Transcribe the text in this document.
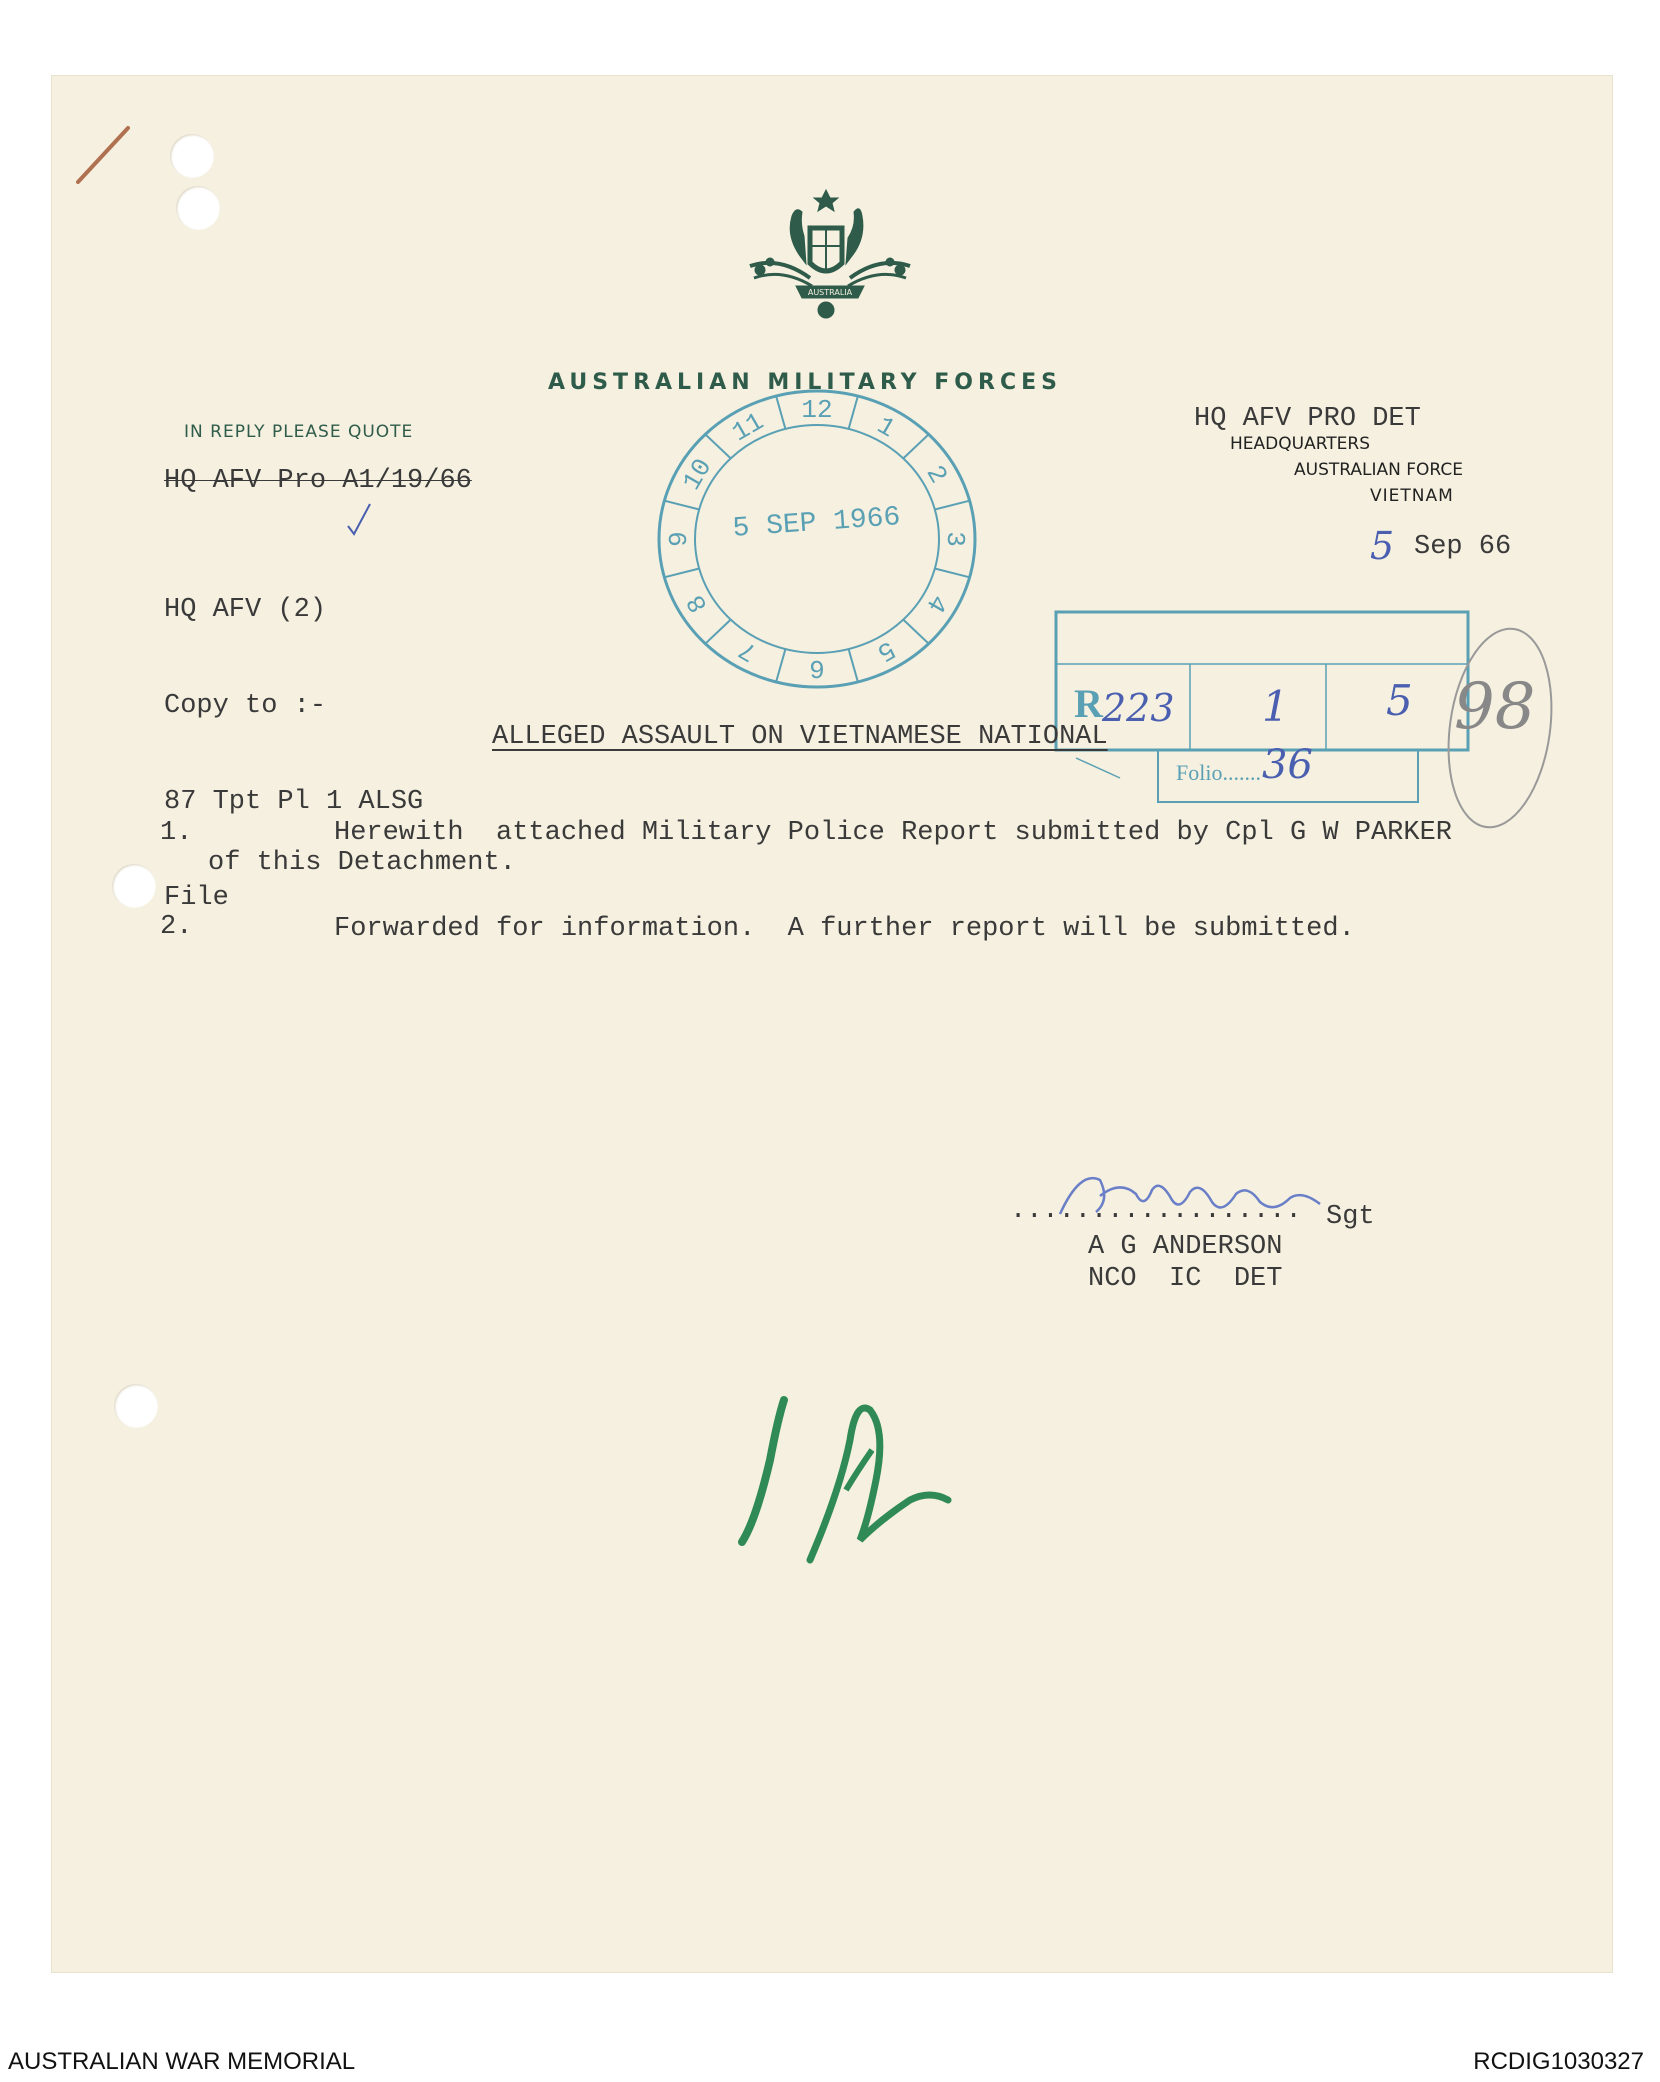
AUSTRALIA
AUSTRALIAN MILITARY FORCES
IN REPLY PLEASE QUOTE
HQ AFV Pro A1/19/66

HQ AFV (2)

Copy to :-

87 Tpt Pl 1 ALSG

File

HQ AFV PRO DET
HEADQUARTERS
AUSTRALIAN FORCE
VIETNAM
5 Sep 66
12
1
2
3
4
5
6
7
8
9
10
11
5 SEP 1966
R 223 1 5
Folio....... 36
98
ALLEGED ASSAULT ON VIETNAMESE NATIONAL
1.	Herewith  attached Military Police Report submitted by Cpl G W PARKER
of this Detachment.
2.	Forwarded for information.  A further report will be submitted.
.................. Sgt
A G ANDERSON
NCO  IC  DET
AUSTRALIAN WAR MEMORIAL	RCDIG1030327
